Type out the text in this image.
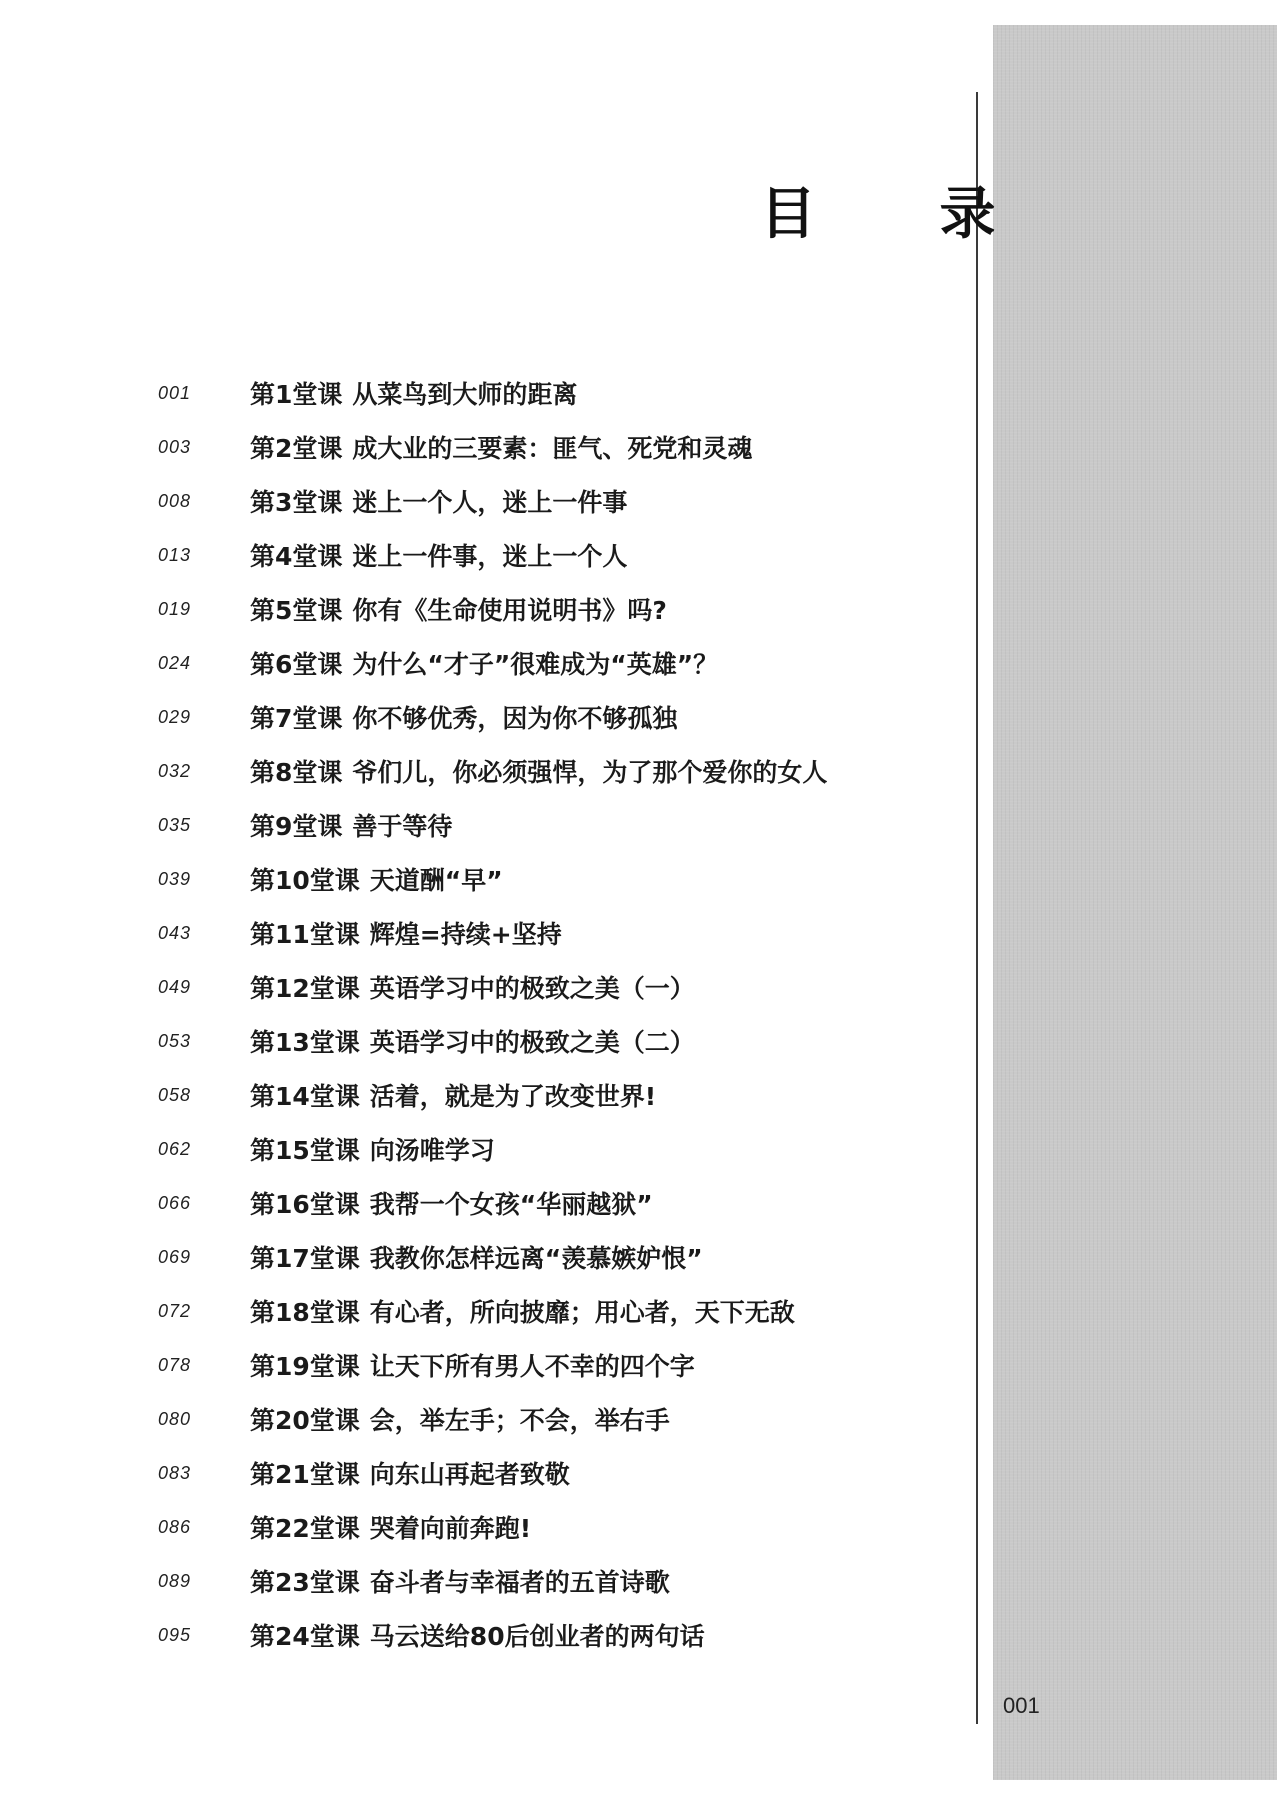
目 录
001	第1堂课 从菜鸟到大师的距离
003	第2堂课 成大业的三要素：匪气、死党和灵魂
008	第3堂课 迷上一个人，迷上一件事
013	第4堂课 迷上一件事，迷上一个人
019	第5堂课 你有《生命使用说明书》吗?
024	第6堂课 为什么“才子”很难成为“英雄”？
029	第7堂课 你不够优秀，因为你不够孤独
032	第8堂课 爷们儿，你必须强悍，为了那个爱你的女人
035	第9堂课 善于等待
039	第10堂课 天道酬“早”
043	第11堂课 辉煌=持续+坚持
049	第12堂课 英语学习中的极致之美（一）
053	第13堂课 英语学习中的极致之美（二）
058	第14堂课 活着，就是为了改变世界!
062	第15堂课 向汤唯学习
066	第16堂课 我帮一个女孩“华丽越狱”
069	第17堂课 我教你怎样远离“羡慕嫉妒恨”
072	第18堂课 有心者，所向披靡；用心者，天下无敌
078	第19堂课 让天下所有男人不幸的四个字
080	第20堂课 会，举左手；不会，举右手
083	第21堂课 向东山再起者致敬
086	第22堂课 哭着向前奔跑!
089	第23堂课 奋斗者与幸福者的五首诗歌
095	第24堂课 马云送给80后创业者的两句话
001
